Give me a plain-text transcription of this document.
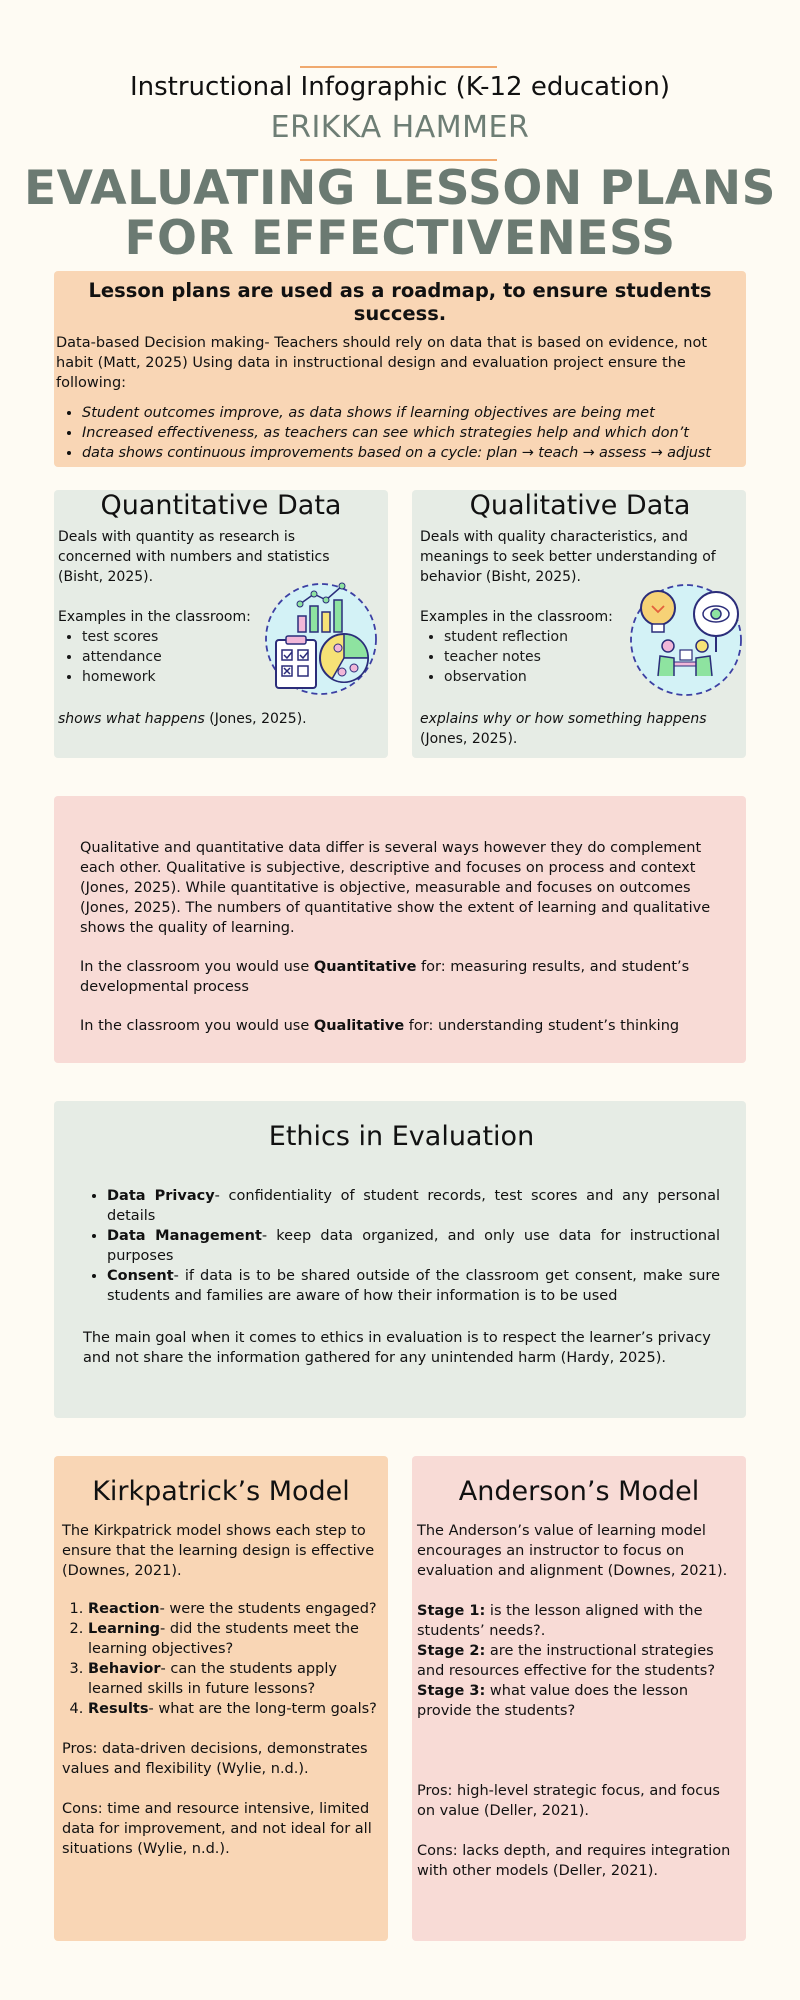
Instructional Infographic (K-12 education)
ERIKKA HAMMER
EVALUATING LESSON PLANS
FOR EFFECTIVENESS
Lesson plans are used as a roadmap, to ensure students success.

Data-based Decision making- Teachers should rely on data that is based on evidence, not habit (Matt, 2025) Using data in instructional design and evaluation project ensure the following:

• Student outcomes improve, as data shows if learning objectives are being met
• Increased effectiveness, as teachers can see which strategies help and which don’t
• data shows continuous improvements based on a cycle: plan → teach → assess → adjust
Quantitative Data

Deals with quantity as research is concerned with numbers and statistics (Bisht, 2025).

Examples in the classroom:

• test scores
• attendance
• homework

shows what happens (Jones, 2025).

Qualitative Data

Deals with quality characteristics, and meanings to seek better understanding of behavior (Bisht, 2025).

Examples in the classroom:

• student reflection
• teacher notes
• observation

explains why or how something happens (Jones, 2025).

Qualitative and quantitative data differ is several ways however they do complement each other. Qualitative is subjective, descriptive and focuses on process and context (Jones, 2025). While quantitative is objective, measurable and focuses on outcomes (Jones, 2025). The numbers of quantitative show the extent of learning and qualitative shows the quality of learning.

In the classroom you would use Quantitative for: measuring results, and student’s developmental process

In the classroom you would use Qualitative for: understanding student’s thinking

Ethics in Evaluation
• Data Privacy- confidentiality of student records, test scores and any personal details
• Data Management- keep data organized, and only use data for instructional purposes
• Consent- if data is to be shared outside of the classroom get consent, make sure students and families are aware of how their information is to be used

The main goal when it comes to ethics in evaluation is to respect the learner’s privacy and not share the information gathered for any unintended harm (Hardy, 2025).

Kirkpatrick’s Model

The Kirkpatrick model shows each step to ensure that the learning design is effective (Downes, 2021).

1. Reaction- were the students engaged?
2. Learning- did the students meet the learning objectives?
3. Behavior- can the students apply learned skills in future lessons?
4. Results- what are the long-term goals?

Pros: data-driven decisions, demonstrates values and flexibility (Wylie, n.d.).

Cons: time and resource intensive, limited data for improvement, and not ideal for all situations (Wylie, n.d.).

Anderson’s Model

The Anderson’s value of learning model encourages an instructor to focus on evaluation and alignment (Downes, 2021).

Stage 1: is the lesson aligned with the students’ needs?.

Stage 2: are the instructional strategies and resources effective for the students?

Stage 3: what value does the lesson provide the students?

Pros: high-level strategic focus, and focus on value (Deller, 2021).

Cons: lacks depth, and requires integration with other models (Deller, 2021).
